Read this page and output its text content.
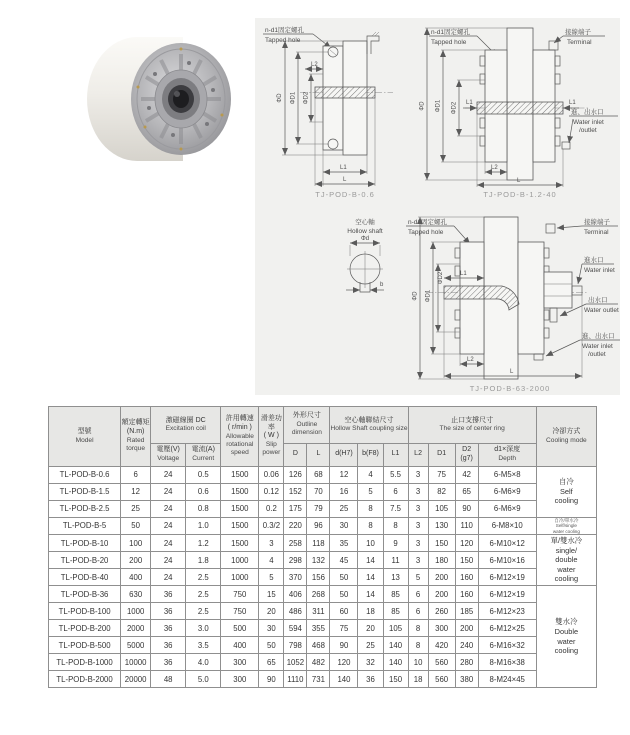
n-d1固定螺孔
Tapped hole
ΦD ΦD1 ΦD2
L2
L1
L
TJ-POD-B-0.6
n-d1固定螺孔
Tapped hole
接線端子
Terminal
進、出水口
Water inlet
/outlet
ΦD ΦD1 ΦD2 L1	L1
L2
L
TJ-POD-B-1.2-40
空心軸
Hollow shaft
Φd
b
n-d1固定螺孔
Tapped hole
接線端子
Terminal
進水口
Water inlet
出水口
Water outlet
進、出水口
Water inlet
/outlet
ΦD ΦD1
ΦD2	L1
L2
L
TJ-POD-B-63-2000
型號
Model

額定轉矩
(N.m)
Rated torque

激磁線圈 DC
Excitation coil

許用轉速
( r/min )
Allowable rotational speed

滑差功率
( W )
Slip power

外形尺寸
Outline dimension

空心軸聯結尺寸
Hollow Shaft coupling size

止口支撐尺寸
The size of center ring	冷卻方式
Cooling mode

電壓(V)
Voltage

電流(A)
Current
	D	L	d(H7)	b(F8)	L1	L2	D1	
D2
(g7)

d1×深度
Depth

TL-POD-B-0.6	6	24	0.5	1500	0.06	126	68	12	4	5.5	3	75	42	6-M5×8	自冷
Self
cooling

TL-POD-B-1.5	12	24	0.6	1500	0.12	152	70	16	5	6	3	82	65	6-M6×9	
TL-POD-B-2.5	25	24	0.8	1500	0.2	175	79	25	8	7.5	3	105	90	6-M6×9	
TL-POD-B-5	50	24	1.0	1500	0.3/2	220	96	30	8	8	3	130	110	6-M8×10	自冷/單水冷
Self/single
water cooling

TL-POD-B-10	100	24	1.2	1500	3	258	118	35	10	9	3	150	120	6-M10×12	單/雙水冷
single/
double
water
cooling

TL-POD-B-20	200	24	1.8	1000	4	298	132	45	14	11	3	180	150	6-M10×16	
TL-POD-B-40	400	24	2.5	1000	5	370	156	50	14	13	5	200	160	6-M12×19	
TL-POD-B-36	630	36	2.5	750	15	406	268	50	14	85	6	200	160	6-M12×19	雙水冷
Double
water
cooling

TL-POD-B-100	1000	36	2.5	750	20	486	311	60	18	85	6	260	185	6-M12×23	
TL-POD-B-200	2000	36	3.0	500	30	594	355	75	20	105	8	300	200	6-M12×25	
TL-POD-B-500	5000	36	3.5	400	50	798	468	90	25	140	8	420	240	6-M16×32	
TL-POD-B-1000	10000	36	4.0	300	65	1052	482	120	32	140	10	560	280	8-M16×38	
TL-POD-B-2000	20000	48	5.0	300	90	1110	731	140	36	150	18	560	380	8-M24×45	
